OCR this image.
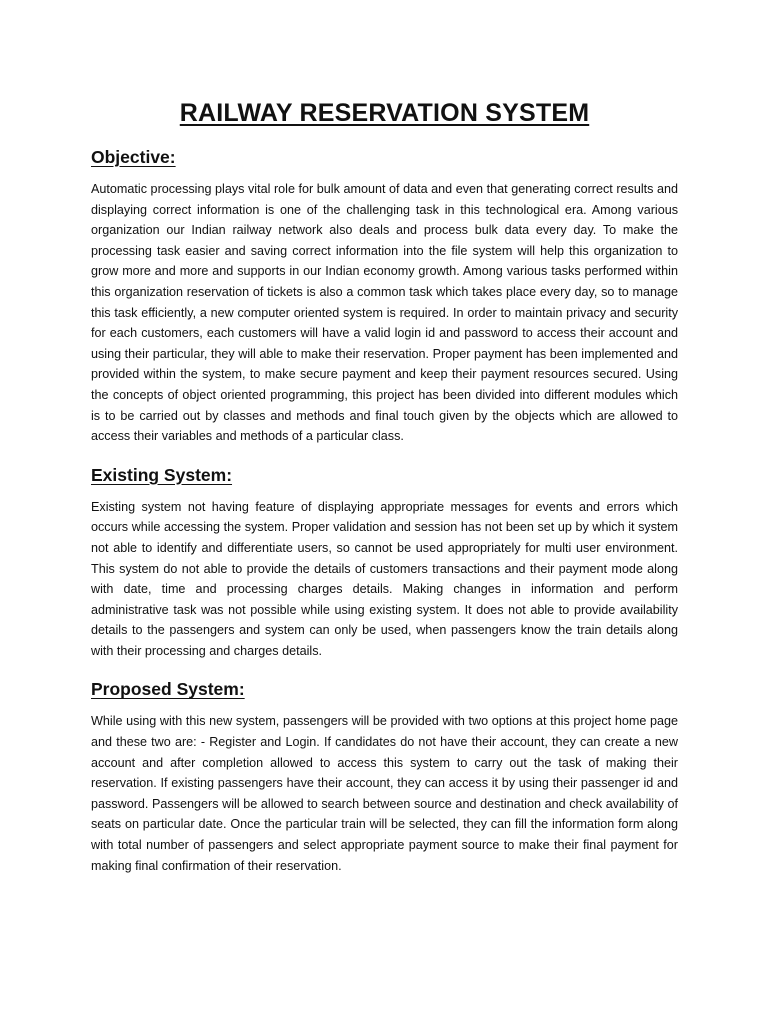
RAILWAY RESERVATION SYSTEM
Objective:

Automatic processing plays vital role for bulk amount of data and even that generating correct results and displaying correct information is one of the challenging task in this technological era. Among various organization our Indian railway network also deals and process bulk data every day. To make the processing task easier and saving correct information into the file system will help this organization to grow more and more and supports in our Indian economy growth. Among various tasks performed within this organization reservation of tickets is also a common task which takes place every day, so to manage this task efficiently, a new computer oriented system is required. In order to maintain privacy and security for each customers, each customers will have a valid login id and password to access their account and using their particular, they will able to make their reservation. Proper payment has been implemented and provided within the system, to make secure payment and keep their payment resources secured. Using the concepts of object oriented programming, this project has been divided into different modules which is to be carried out by classes and methods and final touch given by the objects which are allowed to access their variables and methods of a particular class.

Existing System:

Existing system not having feature of displaying appropriate messages for events and errors which occurs while accessing the system. Proper validation and session has not been set up by which it system not able to identify and differentiate users, so cannot be used appropriately for multi user environment. This system do not able to provide the details of customers transactions and their payment mode along with date, time and processing charges details. Making changes in information and perform administrative task was not possible while using existing system. It does not able to provide availability details to the passengers and system can only be used, when passengers know the train details along with their processing and charges details.

Proposed System:

While using with this new system, passengers will be provided with two options at this project home page and these two are: - Register and Login. If candidates do not have their account, they can create a new account and after completion allowed to access this system to carry out the task of making their reservation. If existing passengers have their account, they can access it by using their passenger id and password. Passengers will be allowed to search between source and destination and check availability of seats on particular date. Once the particular train will be selected, they can fill the information form along with total number of passengers and select appropriate payment source to make their final payment for making final confirmation of their reservation.
